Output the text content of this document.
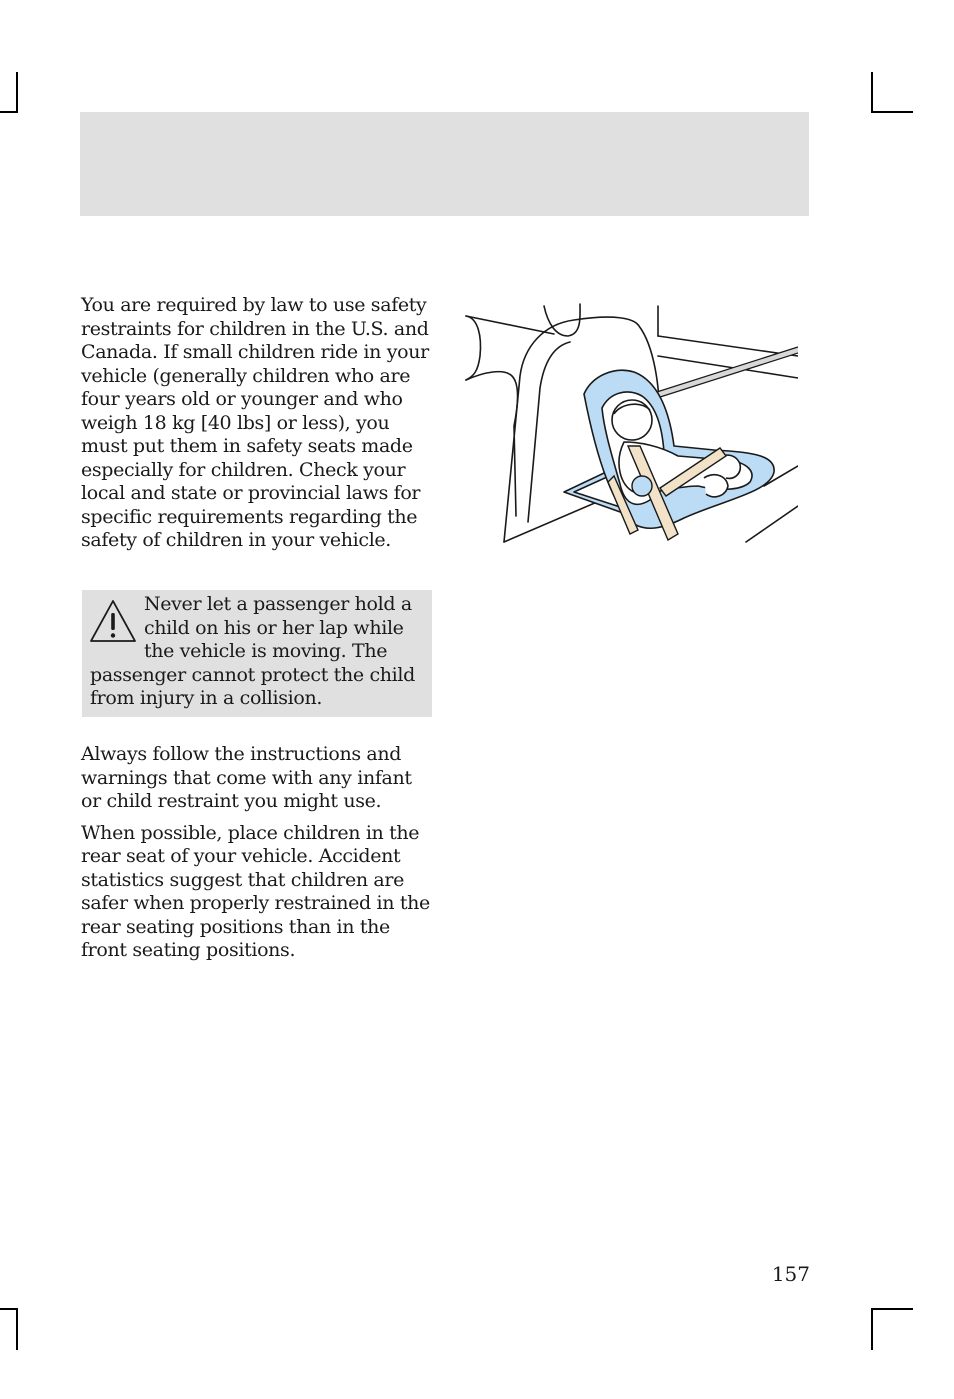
You are required by law to use safety restraints for children in the U.S. and Canada. If small children ride in your vehicle (generally children who are four years old or younger and who weigh 18 kg [40 lbs] or less), you must put them in safety seats made especially for children. Check your local and state or provincial laws for specific requirements regarding the safety of children in your vehicle.

Never let a passenger hold a child on his or her lap while the vehicle is moving. The passenger cannot protect the child from injury in a collision.

Always follow the instructions and warnings that come with any infant or child restraint you might use.

When possible, place children in the rear seat of your vehicle. Accident statistics suggest that children are safer when properly restrained in the rear seating positions than in the front seating positions.

157
